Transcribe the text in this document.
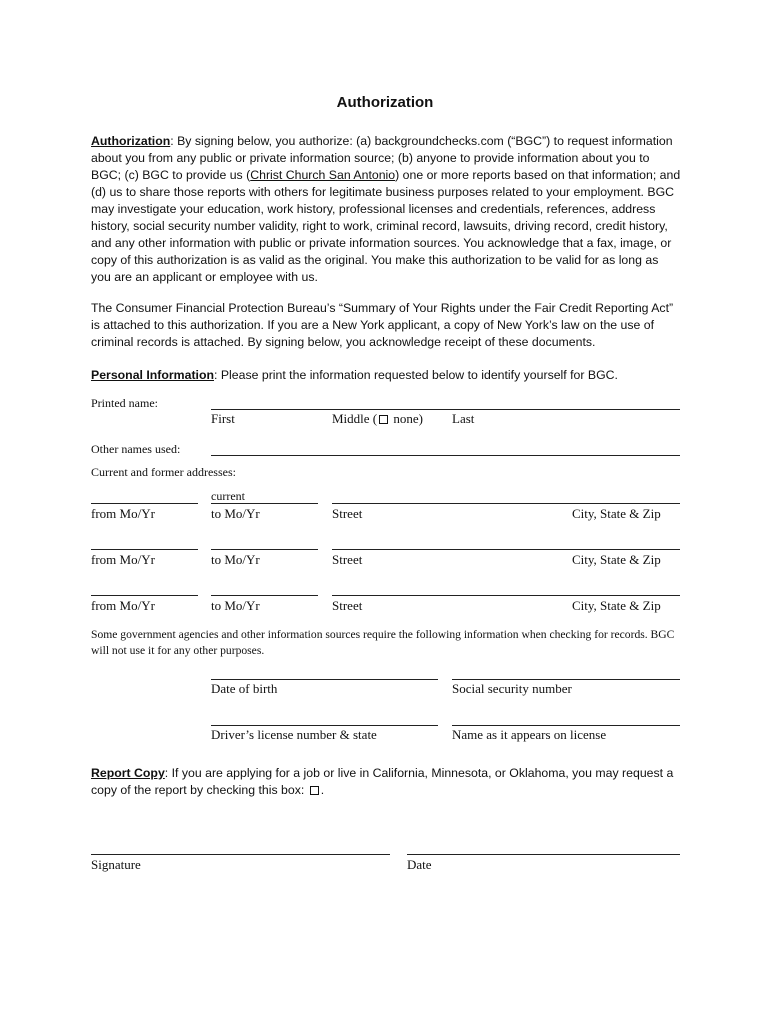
Authorization
Authorization: By signing below, you authorize: (a) backgroundchecks.com (“BGC”) to request information about you from any public or private information source; (b) anyone to provide information about you to BGC; (c) BGC to provide us (Christ Church San Antonio) one or more reports based on that information; and (d) us to share those reports with others for legitimate business purposes related to your employment. BGC may investigate your education, work history, professional licenses and credentials, references, address history, social security number validity, right to work, criminal record, lawsuits, driving record, credit history, and any other information with public or private information sources. You acknowledge that a fax, image, or copy of this authorization is as valid as the original. You make this authorization to be valid for as long as you are an applicant or employee with us.
The Consumer Financial Protection Bureau’s “Summary of Your Rights under the Fair Credit Reporting Act” is attached to this authorization. If you are a New York applicant, a copy of New York’s law on the use of criminal records is attached. By signing below, you acknowledge receipt of these documents.
Personal Information: Please print the information requested below to identify yourself for BGC.
Printed name:
First	Middle ( none) Last
Other names used:
Current and former addresses:
current
from Mo/Yr	to Mo/Yr	Street	City, State & Zip
from Mo/Yr	to Mo/Yr	Street	City, State & Zip
from Mo/Yr	to Mo/Yr	Street	City, State & Zip
Some government agencies and other information sources require the following information when checking for records. BGC will not use it for any other purposes.
Date of birth	Social security number
Driver’s license number & state	Name as it appears on license
Report Copy: If you are applying for a job or live in California, Minnesota, or Oklahoma, you may request a copy of the report by checking this box: .
Signature	Date
